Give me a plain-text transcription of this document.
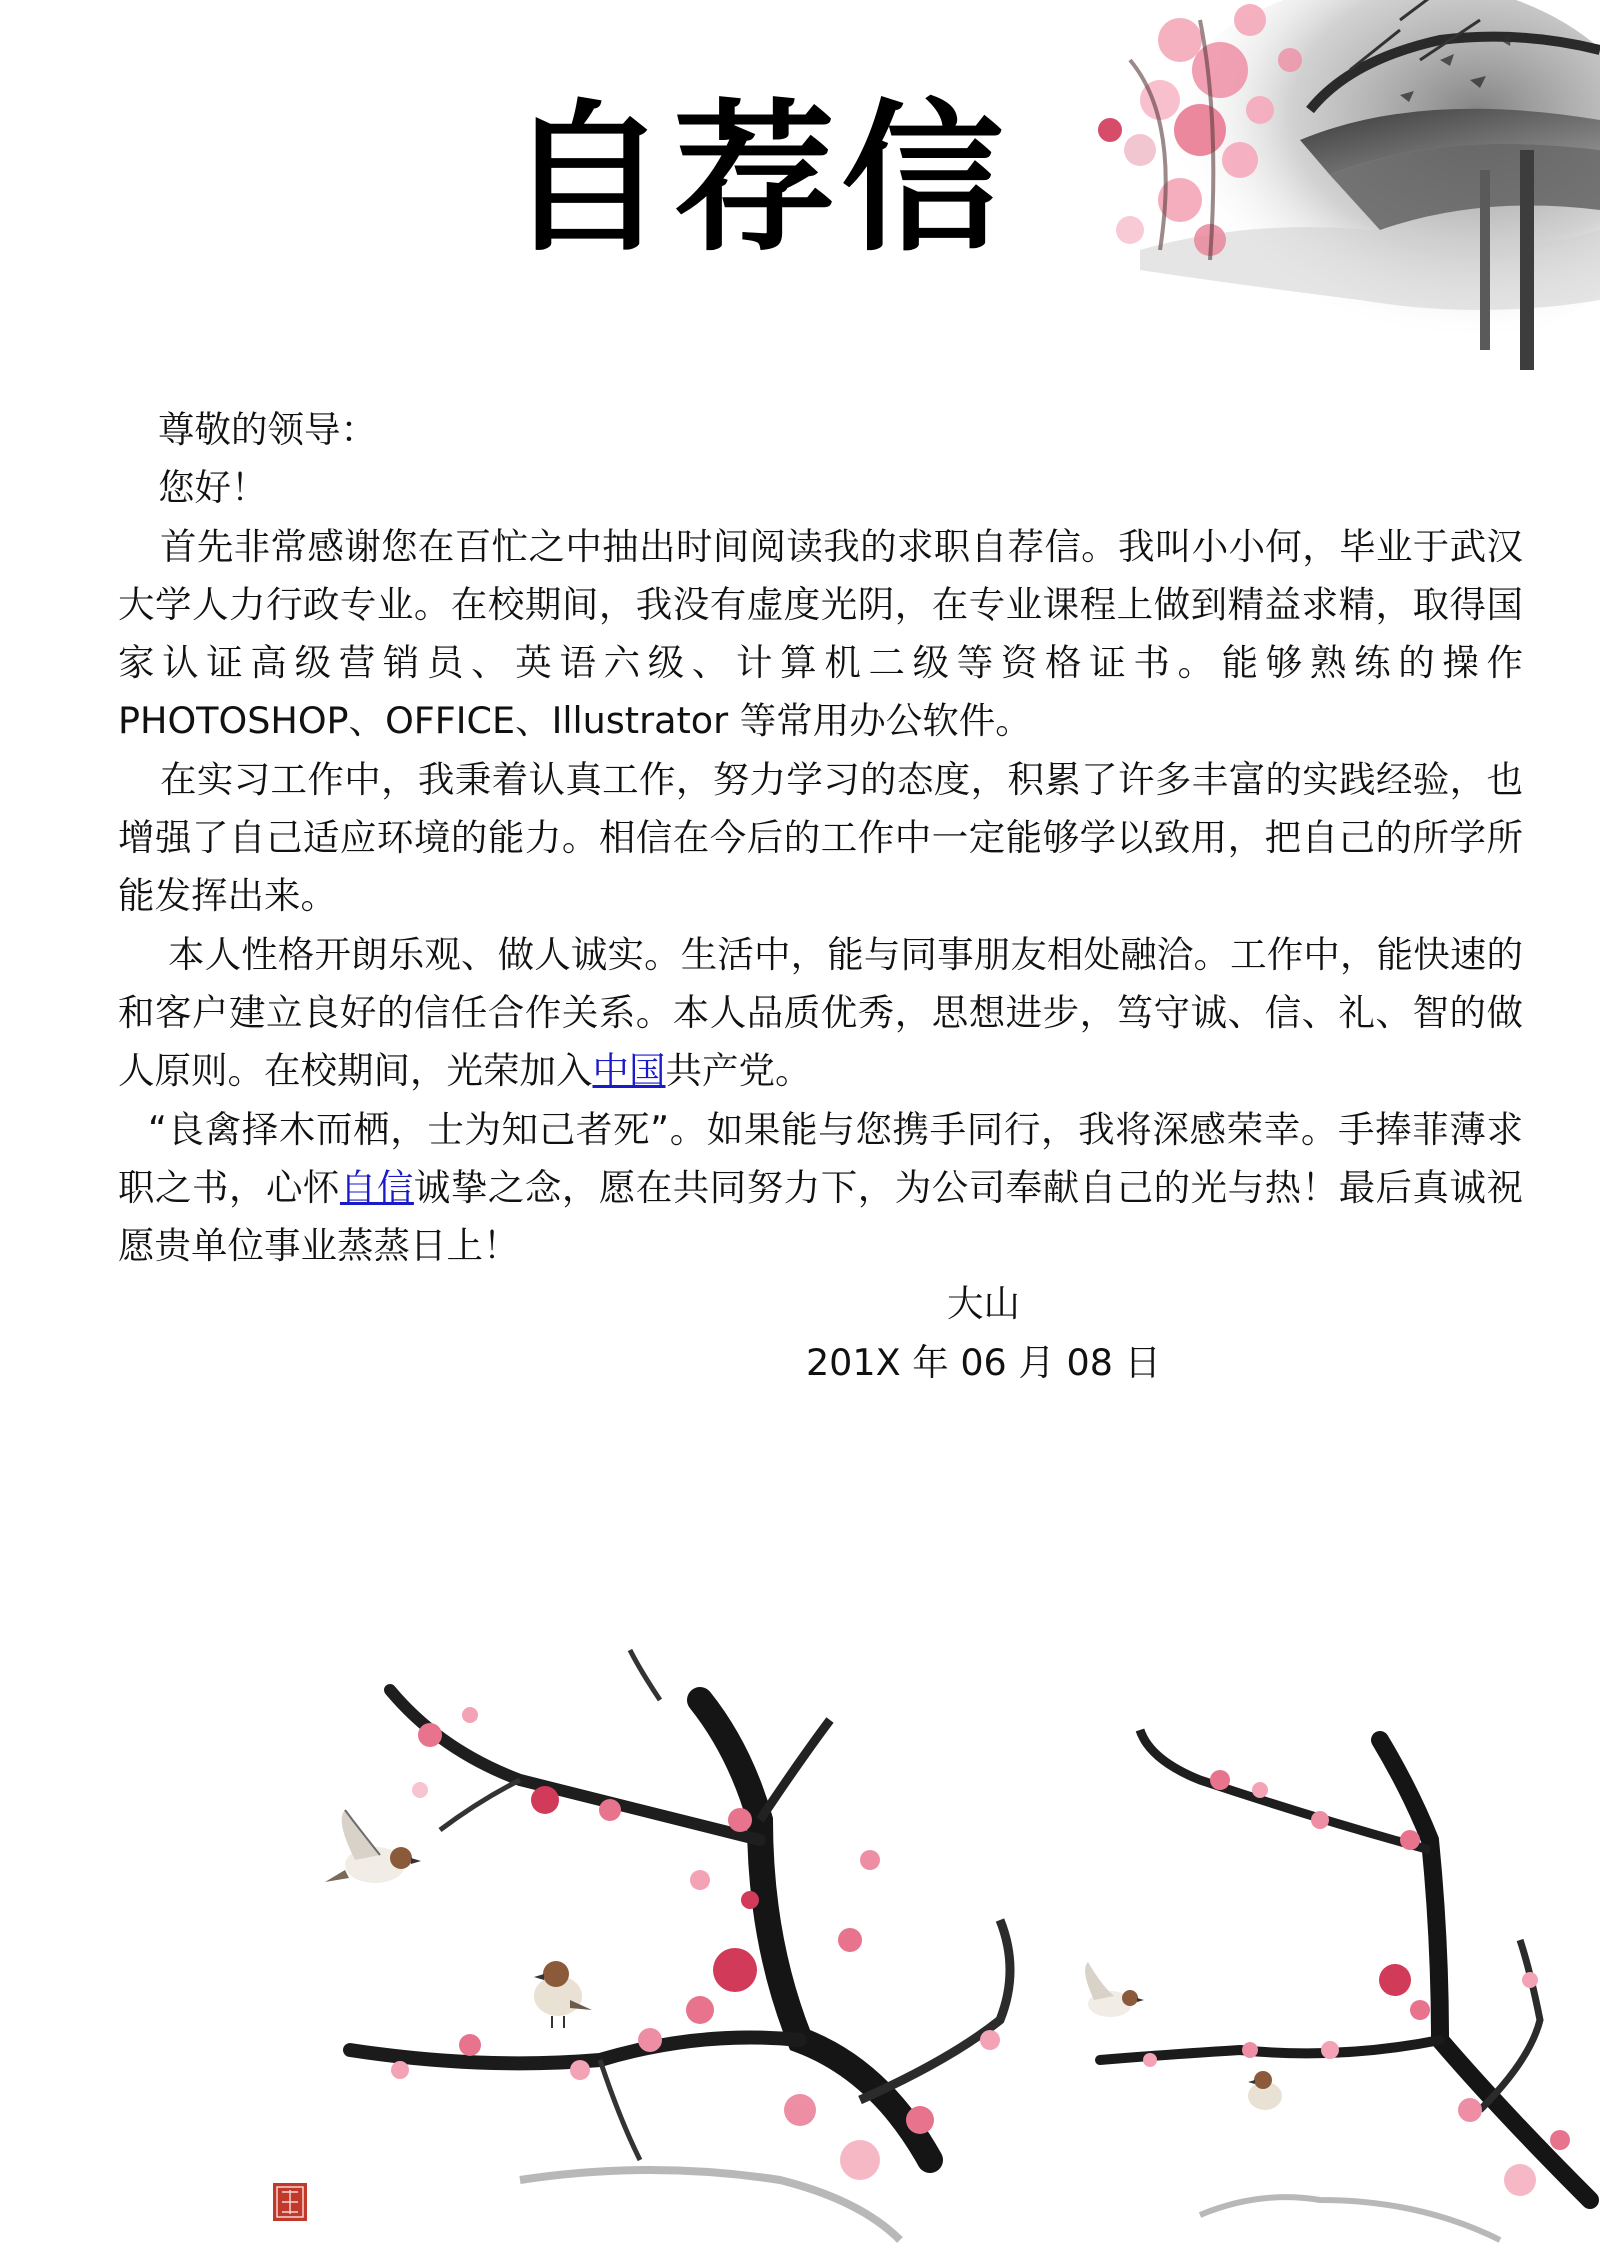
自荐信

尊敬的领导：

您好！

首先非常感谢您在百忙之中抽出时间阅读我的求职自荐信。我叫小小何，毕业于武汉大学人力行政专业。在校期间，我没有虚度光阴，在专业课程上做到精益求精，取得国家认证高级营销员、英语六级、计算机二级等资格证书。能够熟练的操作 PHOTOSHOP、OFFICE、Illustrator 等常用办公软件。

在实习工作中，我秉着认真工作，努力学习的态度，积累了许多丰富的实践经验，也增强了自己适应环境的能力。相信在今后的工作中一定能够学以致用，把自己的所学所能发挥出来。

本人性格开朗乐观、做人诚实。生活中，能与同事朋友相处融洽。工作中，能快速的和客户建立良好的信任合作关系。本人品质优秀，思想进步，笃守诚、信、礼、智的做人原则。在校期间，光荣加入中国共产党。

“良禽择木而栖，士为知己者死”。如果能与您携手同行，我将深感荣幸。手捧菲薄求职之书，心怀自信诚挚之念，愿在共同努力下，为公司奉献自己的光与热！最后真诚祝愿贵单位事业蒸蒸日上！

大山

201X 年 06 月 08 日
